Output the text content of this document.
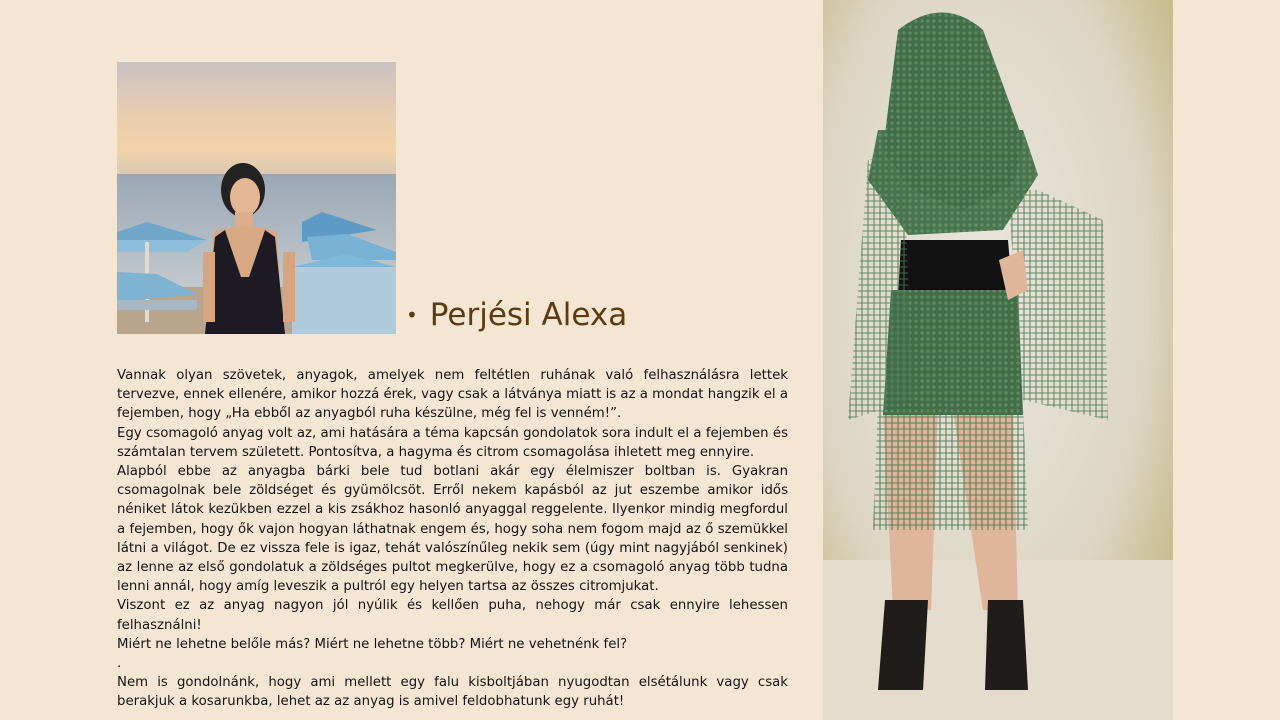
• Perjési Alexa

Vannak olyan szövetek, anyagok, amelyek nem feltétlen ruhának való felhasználásra lettek tervezve, ennek ellenére, amikor hozzá érek, vagy csak a látványa miatt is az a mondat hangzik el a fejemben, hogy „Ha ebből az anyagból ruha készülne, még fel is venném!”.

Egy csomagoló anyag volt az, ami hatására a téma kapcsán gondolatok sora indult el a fejemben és számtalan tervem született. Pontosítva, a hagyma és citrom csomagolása ihletett meg ennyire.

Alapból ebbe az anyagba bárki bele tud botlani akár egy élelmiszer boltban is. Gyakran csomagolnak bele zöldséget és gyümölcsöt. Erről nekem kapásból az jut eszembe amikor idős néniket látok kezükben ezzel a kis zsákhoz hasonló anyaggal reggelente. Ilyenkor mindig megfordul a fejemben, hogy ők vajon hogyan láthatnak engem és, hogy soha nem fogom majd az ő szemükkel látni a világot. De ez vissza fele is igaz, tehát valószínűleg nekik sem (úgy mint nagyjából senkinek) az lenne az első gondolatuk a zöldséges pultot megkerülve, hogy ez a csomagoló anyag több tudna lenni annál, hogy amíg leveszik a pultról egy helyen tartsa az összes citromjukat.

Viszont ez az anyag nagyon jól nyúlik és kellően puha, nehogy már csak ennyire lehessen felhasználni!

Miért ne lehetne belőle más? Miért ne lehetne több? Miért ne vehetnénk fel?

.

Nem is gondolnánk, hogy ami mellett egy falu kisboltjában nyugodtan elsétálunk vagy csak berakjuk a kosarunkba, lehet az az anyag is amivel feldobhatunk egy ruhát!
